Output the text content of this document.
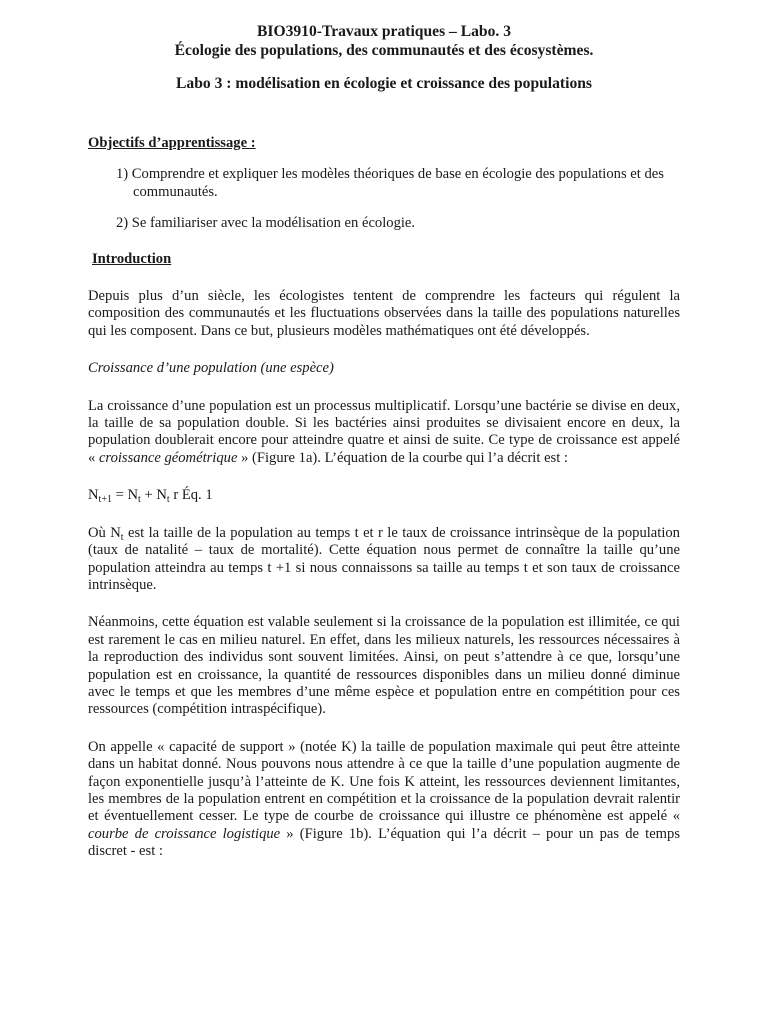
BIO3910-Travaux pratiques – Labo. 3
Écologie des populations, des communautés et des écosystèmes.
Labo 3 : modélisation en écologie et croissance des populations
Objectifs d’apprentissage :
1) Comprendre et expliquer les modèles théoriques de base en écologie des populations et des communautés.
2) Se familiariser avec la modélisation en écologie.
Introduction

Depuis plus d’un siècle, les écologistes tentent de comprendre les facteurs qui régulent la composition des communautés et les fluctuations observées dans la taille des populations naturelles qui les composent. Dans ce but, plusieurs modèles mathématiques ont été développés.

Croissance d’une population (une espèce)

La croissance d’une population est un processus multiplicatif. Lorsqu’une bactérie se divise en deux, la taille de sa population double. Si les bactéries ainsi produites se divisaient encore en deux, la population doublerait encore pour atteindre quatre et ainsi de suite. Ce type de croissance est appelé « croissance géométrique » (Figure 1a). L’équation de la courbe qui l’a décrit est :

$N_{t+1} = N_t + N_t$ r Éq. 1

Où $N_t$ est la taille de la population au temps t et r le taux de croissance intrinsèque de la population (taux de natalité – taux de mortalité). Cette équation nous permet de connaître la taille qu’une population atteindra au temps t +1 si nous connaissons sa taille au temps t et son taux de croissance intrinsèque.

Néanmoins, cette équation est valable seulement si la croissance de la population est illimitée, ce qui est rarement le cas en milieu naturel. En effet, dans les milieux naturels, les ressources nécessaires à la reproduction des individus sont souvent limitées. Ainsi, on peut s’attendre à ce que, lorsqu’une population est en croissance, la quantité de ressources disponibles dans un milieu donné diminue avec le temps et que les membres d’une même espèce et population entre en compétition pour ces ressources (compétition intraspécifique).

On appelle « capacité de support » (notée K) la taille de population maximale qui peut être atteinte dans un habitat donné. Nous pouvons nous attendre à ce que la taille d’une population augmente de façon exponentielle jusqu’à l’atteinte de K. Une fois K atteint, les ressources deviennent limitantes, les membres de la population entrent en compétition et la croissance de la population devrait ralentir et éventuellement cesser. Le type de courbe de croissance qui illustre ce phénomène est appelé « courbe de croissance logistique » (Figure 1b). L’équation qui l’a décrit – pour un pas de temps discret - est :
